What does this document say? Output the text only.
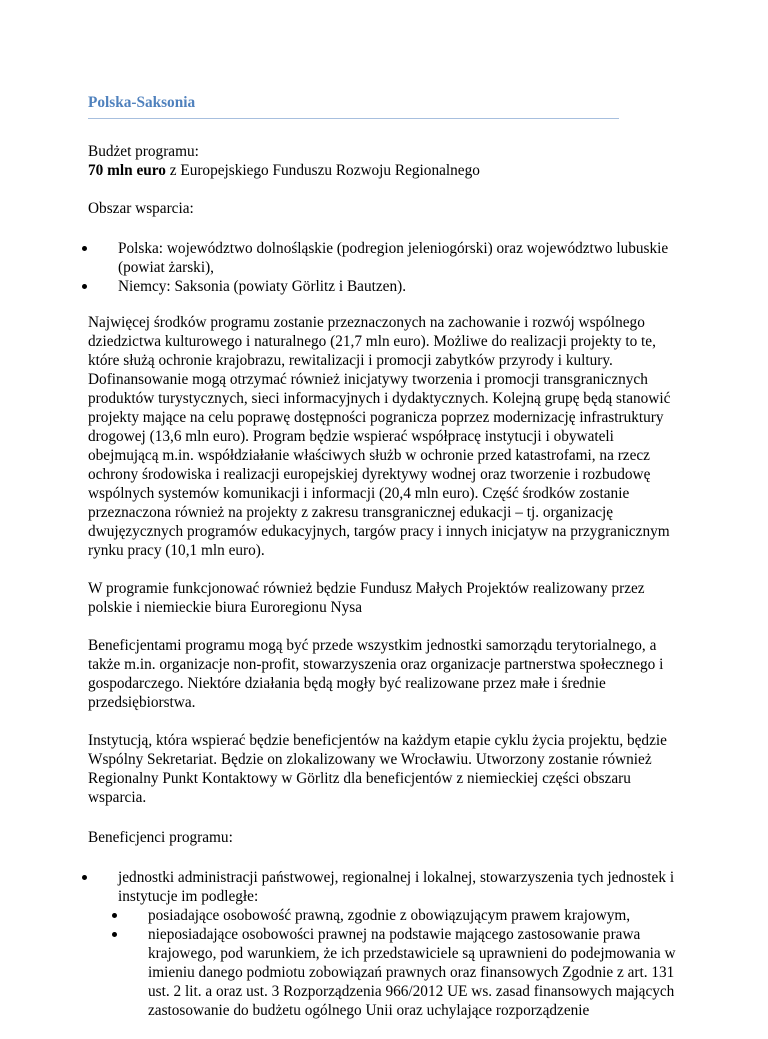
Polska-Saksonia

Budżet programu:
70 mln euro z Europejskiego Funduszu Rozwoju Regionalnego

Obszar wsparcia:

Polska: województwo dolnośląskie (podregion jeleniogórski) oraz województwo lubuskie (powiat żarski),
Niemcy: Saksonia (powiaty Görlitz i Bautzen).

Najwięcej środków programu zostanie przeznaczonych na zachowanie i rozwój wspólnego dziedzictwa kulturowego i naturalnego (21,7 mln euro). Możliwe do realizacji projekty to te, które służą ochronie krajobrazu, rewitalizacji i promocji zabytków przyrody i kultury. Dofinansowanie mogą otrzymać również inicjatywy tworzenia i promocji transgranicznych produktów turystycznych, sieci informacyjnych i dydaktycznych. Kolejną grupę będą stanowić projekty mające na celu poprawę dostępności pogranicza poprzez modernizację infrastruktury drogowej (13,6 mln euro). Program będzie wspierać współpracę instytucji i obywateli obejmującą m.in. współdziałanie właściwych służb w ochronie przed katastrofami, na rzecz ochrony środowiska i realizacji europejskiej dyrektywy wodnej oraz tworzenie i rozbudowę wspólnych systemów komunikacji i informacji (20,4 mln euro). Część środków zostanie przeznaczona również na projekty z zakresu transgranicznej edukacji – tj. organizację dwujęzycznych programów edukacyjnych, targów pracy i innych inicjatyw na przygranicznym rynku pracy (10,1 mln euro).

W programie funkcjonować również będzie Fundusz Małych Projektów realizowany przez polskie i niemieckie biura Euroregionu Nysa

Beneficjentami programu mogą być przede wszystkim jednostki samorządu terytorialnego, a także m.in. organizacje non-profit, stowarzyszenia oraz organizacje partnerstwa społecznego i gospodarczego. Niektóre działania będą mogły być realizowane przez małe i średnie przedsiębiorstwa.

Instytucją, która wspierać będzie beneficjentów na każdym etapie cyklu życia projektu, będzie Wspólny Sekretariat. Będzie on zlokalizowany we Wrocławiu. Utworzony zostanie również Regionalny Punkt Kontaktowy w Görlitz dla beneficjentów z niemieckiej części obszaru wsparcia.

Beneficjenci programu:

jednostki administracji państwowej, regionalnej i lokalnej, stowarzyszenia tych jednostek i instytucje im podległe:
posiadające osobowość prawną, zgodnie z obowiązującym prawem krajowym,
nieposiadające osobowości prawnej na podstawie mającego zastosowanie prawa krajowego, pod warunkiem, że ich przedstawiciele są uprawnieni do podejmowania w imieniu danego podmiotu zobowiązań prawnych oraz finansowych Zgodnie z art. 131 ust. 2 lit. a oraz ust. 3 Rozporządzenia 966/2012 UE ws. zasad finansowych mających zastosowanie do budżetu ogólnego Unii oraz uchylające rozporządzenie
